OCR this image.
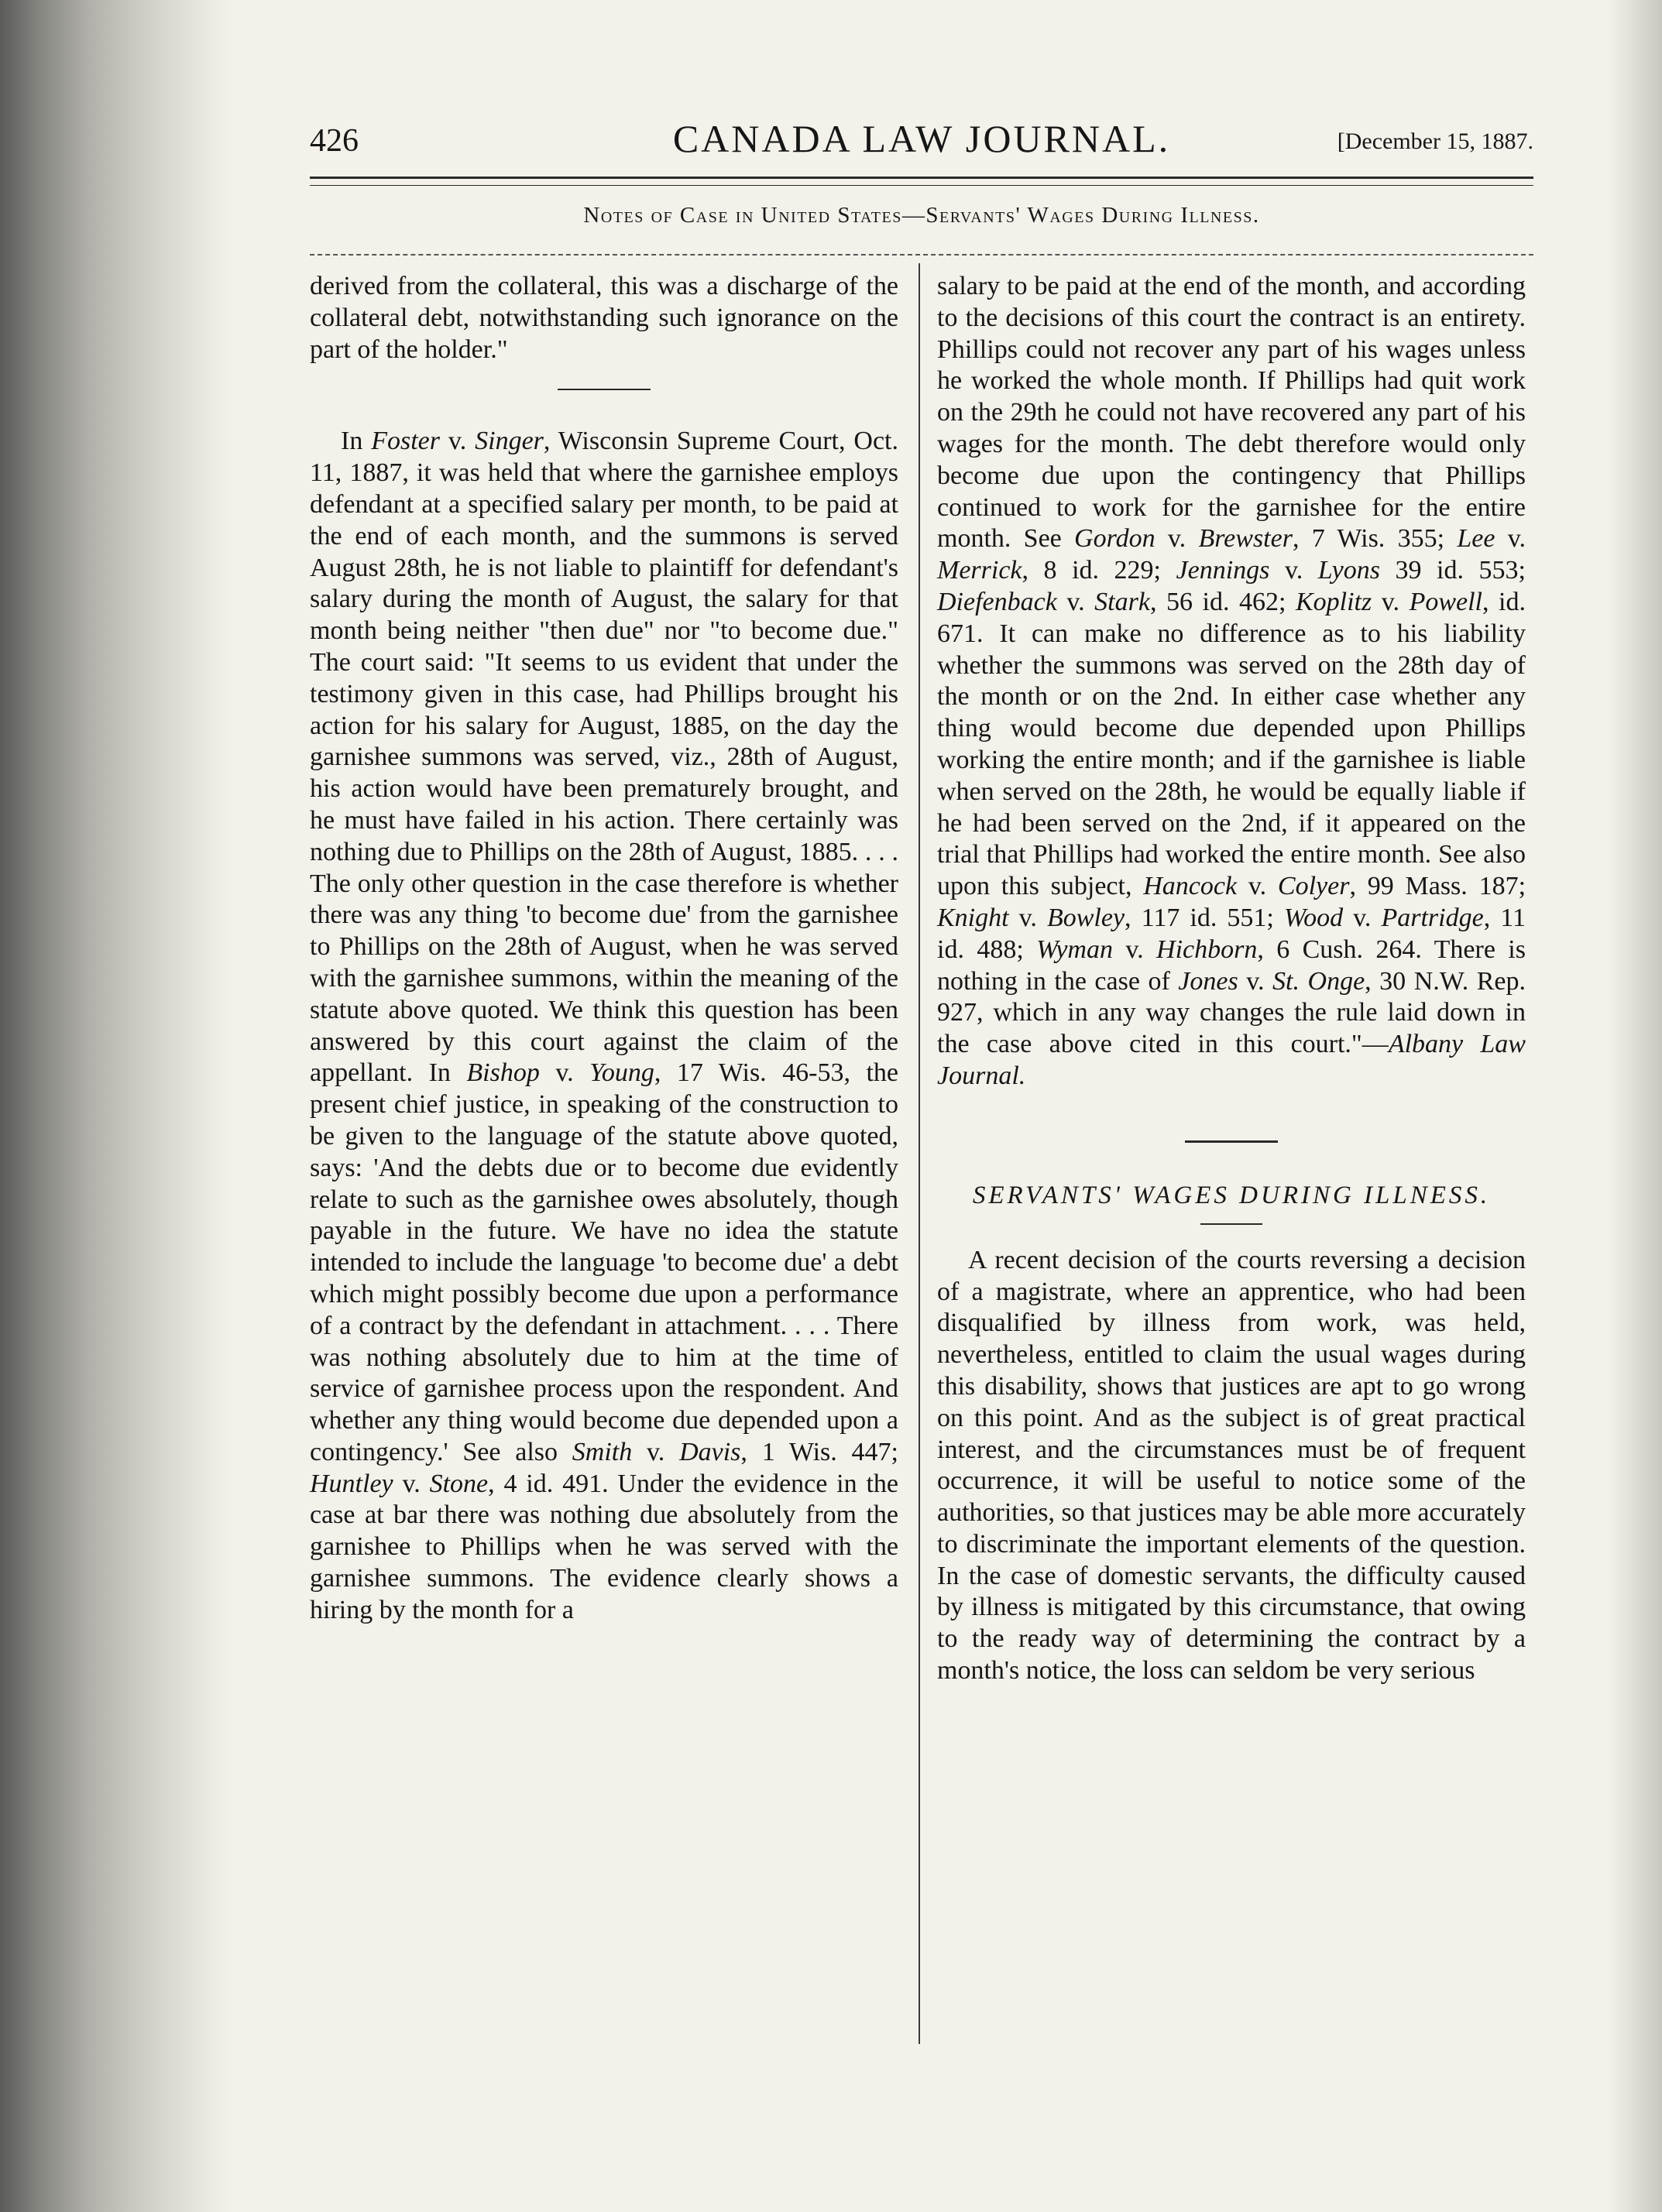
426	CANADA LAW JOURNAL.	[December 15, 1887.
Notes of Case in United States—Servants' Wages During Illness.

derived from the collateral, this was a discharge of the collateral debt, notwithstanding such ignorance on the part of the holder."

In Foster v. Singer, Wisconsin Supreme Court, Oct. 11, 1887, it was held that where the garnishee employs defendant at a specified salary per month, to be paid at the end of each month, and the summons is served August 28th, he is not liable to plaintiff for defendant's salary during the month of August, the salary for that month being neither "then due" nor "to become due." The court said: "It seems to us evident that under the testimony given in this case, had Phillips brought his action for his salary for August, 1885, on the day the garnishee summons was served, viz., 28th of August, his action would have been prematurely brought, and he must have failed in his action. There certainly was nothing due to Phillips on the 28th of August, 1885. . . . The only other question in the case therefore is whether there was any thing 'to become due' from the garnishee to Phillips on the 28th of August, when he was served with the garnishee summons, within the meaning of the statute above quoted. We think this question has been answered by this court against the claim of the appellant. In Bishop v. Young, 17 Wis. 46-53, the present chief justice, in speaking of the construction to be given to the language of the statute above quoted, says: 'And the debts due or to become due evidently relate to such as the garnishee owes absolutely, though payable in the future. We have no idea the statute intended to include the language 'to become due' a debt which might possibly become due upon a performance of a contract by the defendant in attachment. . . . There was nothing absolutely due to him at the time of service of garnishee process upon the respondent. And whether any thing would become due depended upon a contingency.' See also Smith v. Davis, 1 Wis. 447; Huntley v. Stone, 4 id. 491. Under the evidence in the case at bar there was nothing due absolutely from the garnishee to Phillips when he was served with the garnishee summons. The evidence clearly shows a hiring by the month for a

salary to be paid at the end of the month, and according to the decisions of this court the contract is an entirety. Phillips could not recover any part of his wages unless he worked the whole month. If Phillips had quit work on the 29th he could not have recovered any part of his wages for the month. The debt therefore would only become due upon the contingency that Phillips continued to work for the garnishee for the entire month. See Gordon v. Brewster, 7 Wis. 355; Lee v. Merrick, 8 id. 229; Jennings v. Lyons 39 id. 553; Diefenback v. Stark, 56 id. 462; Koplitz v. Powell, id. 671. It can make no difference as to his liability whether the summons was served on the 28th day of the month or on the 2nd. In either case whether any thing would become due depended upon Phillips working the entire month; and if the garnishee is liable when served on the 28th, he would be equally liable if he had been served on the 2nd, if it appeared on the trial that Phillips had worked the entire month. See also upon this subject, Hancock v. Colyer, 99 Mass. 187; Knight v. Bowley, 117 id. 551; Wood v. Partridge, 11 id. 488; Wyman v. Hichborn, 6 Cush. 264. There is nothing in the case of Jones v. St. Onge, 30 N.W. Rep. 927, which in any way changes the rule laid down in the case above cited in this court."—Albany Law Journal.

SERVANTS' WAGES DURING ILLNESS.

A recent decision of the courts reversing a decision of a magistrate, where an apprentice, who had been disqualified by illness from work, was held, nevertheless, entitled to claim the usual wages during this disability, shows that justices are apt to go wrong on this point. And as the subject is of great practical interest, and the circumstances must be of frequent occurrence, it will be useful to notice some of the authorities, so that justices may be able more accurately to discriminate the important elements of the question. In the case of domestic servants, the difficulty caused by illness is mitigated by this circumstance, that owing to the ready way of determining the contract by a month's notice, the loss can seldom be very serious
